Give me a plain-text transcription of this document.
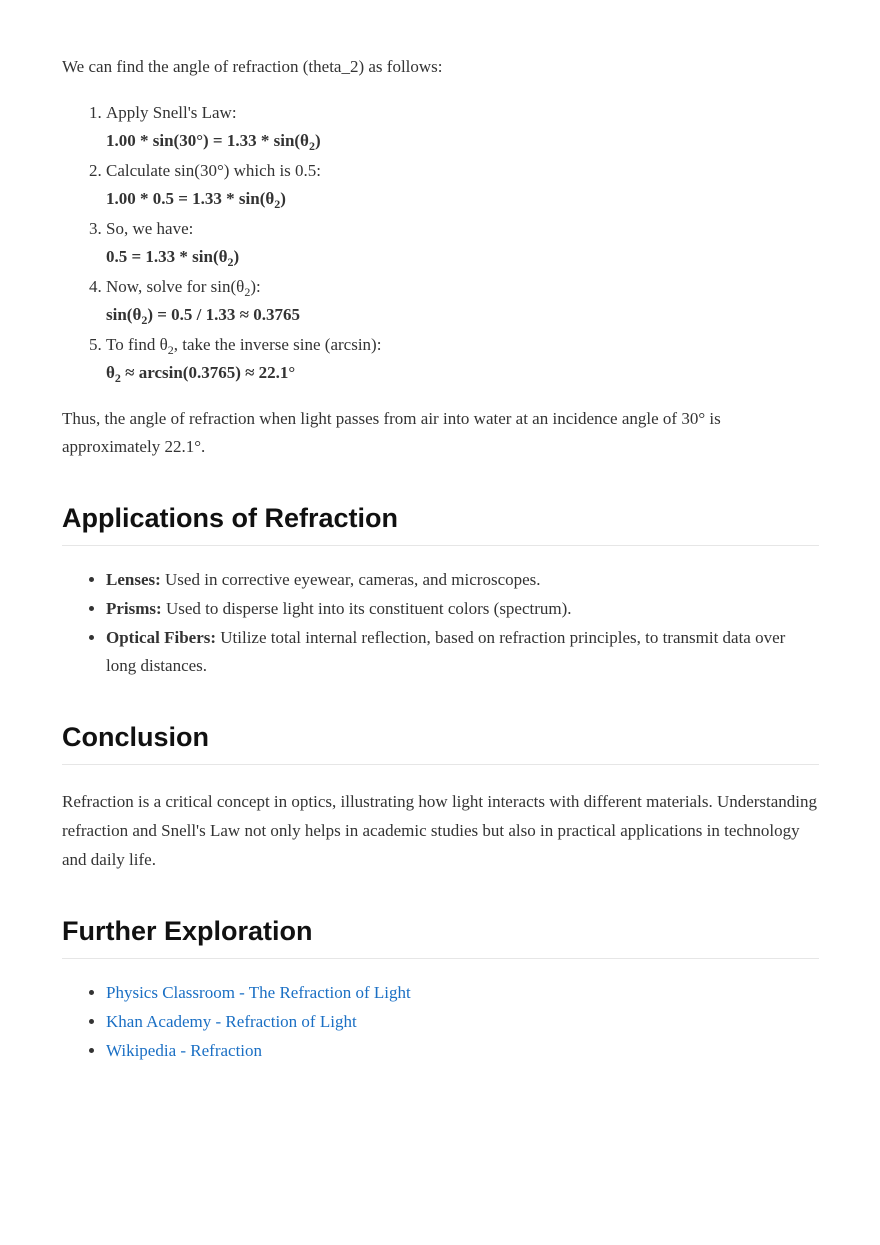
We can find the angle of refraction (theta_2) as follows:

1. Apply Snell's Law:
$1.00 * \sin(30^\circ) = 1.33 * \sin(\theta_2)$
2. Calculate sin(30°) which is 0.5:
$1.00 * 0.5 = 1.33 * \sin(\theta_2)$
3. So, we have:
$0.5 = 1.33 * \sin(\theta_2)$
4. Now, solve for $\sin(\theta_2)$:
$\sin(\theta_2) = 0.5 / 1.33 \approx 0.3765$
5. To find $\theta_2$, take the inverse sine (arcsin):
$\theta_2 \approx \arcsin(0.3765) \approx 22.1^\circ$

Thus, the angle of refraction when light passes from air into water at an incidence angle of 30° is approximately 22.1°.

Applications of Refraction
• Lenses: Used in corrective eyewear, cameras, and microscopes.
• Prisms: Used to disperse light into its constituent colors (spectrum).
• Optical Fibers: Utilize total internal reflection, based on refraction principles, to transmit data over long distances.
Conclusion

Refraction is a critical concept in optics, illustrating how light interacts with different materials. Understanding refraction and Snell's Law not only helps in academic studies but also in practical applications in technology and daily life.

Further Exploration
• Physics Classroom - The Refraction of Light
• Khan Academy - Refraction of Light
• Wikipedia - Refraction
